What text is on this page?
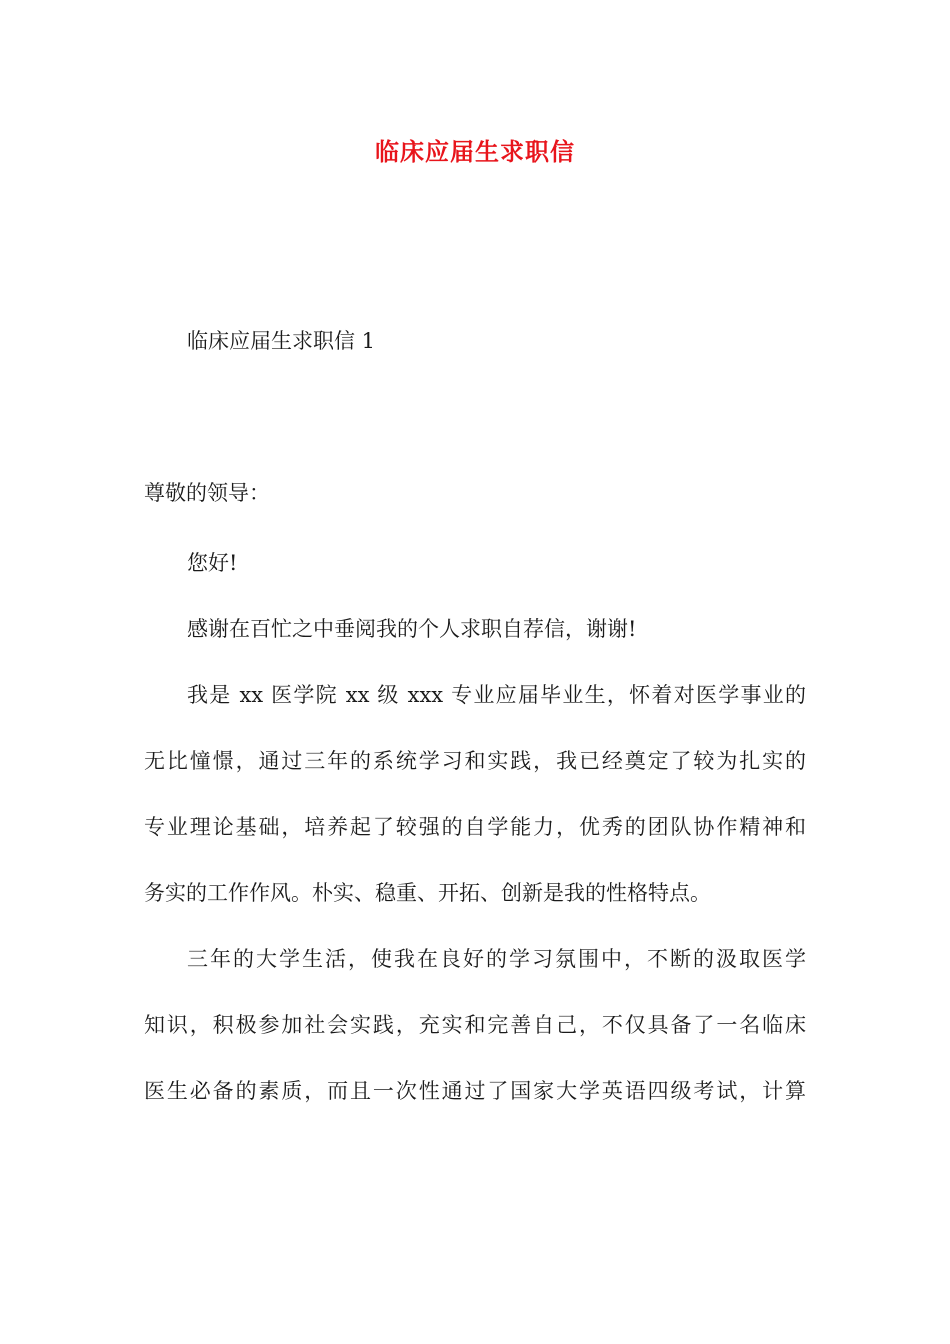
临床应届生求职信
临床应届生求职信 1
尊敬的领导：
您好!
感谢在百忙之中垂阅我的个人求职自荐信，谢谢!
我是 xx 医学院 xx 级 xxx 专业应届毕业生，怀着对医学事业的
无比憧憬，通过三年的系统学习和实践，我已经奠定了较为扎实的
专业理论基础，培养起了较强的自学能力，优秀的团队协作精神和
务实的工作作风。朴实、稳重、开拓、创新是我的性格特点。
三年的大学生活，使我在良好的学习氛围中，不断的汲取医学
知识，积极参加社会实践，充实和完善自己，不仅具备了一名临床
医生必备的素质，而且一次性通过了国家大学英语四级考试，计算
